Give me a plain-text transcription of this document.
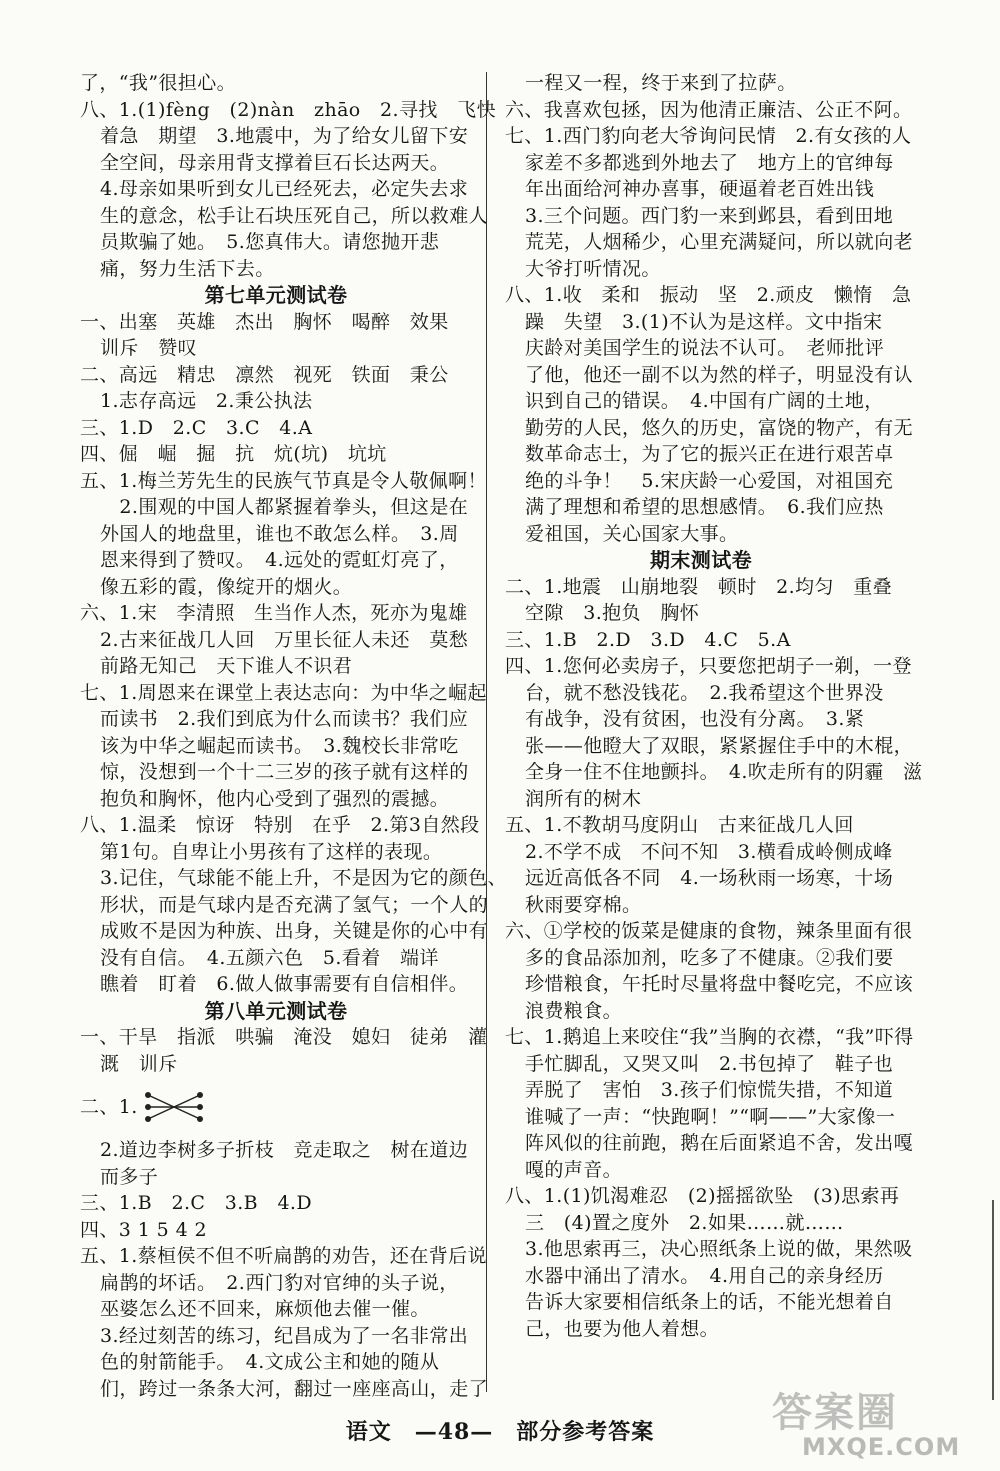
了，“我”很担心。
八、1.(1)fèng　(2)nàn　zhāo　2.寻找　飞快
着急　期望　3.地震中，为了给女儿留下安
全空间，母亲用背支撑着巨石长达两天。
4.母亲如果听到女儿已经死去，必定失去求
生的意念，松手让石块压死自己，所以救难人
员欺骗了她。　5.您真伟大。请您抛开悲
痛，努力生活下去。
第七单元测试卷
一、出塞　英雄　杰出　胸怀　喝醉　效果
训斥　赞叹
二、高远　精忠　凛然　视死　铁面　秉公
1.志存高远　2.秉公执法
三、1.D　2.C　3.C　4.A
四、倔　崛　掘　抗　炕(坑)　坑坑
五、1.梅兰芳先生的民族气节真是令人敬佩啊！
　2.围观的中国人都紧握着拳头，但这是在
外国人的地盘里，谁也不敢怎么样。　3.周
恩来得到了赞叹。　4.远处的霓虹灯亮了，
像五彩的霞，像绽开的烟火。
六、1.宋　李清照　生当作人杰，死亦为鬼雄
2.古来征战几人回　万里长征人未还　莫愁
前路无知己　天下谁人不识君
七、1.周恩来在课堂上表达志向：为中华之崛起
而读书　2.我们到底为什么而读书？我们应
该为中华之崛起而读书。　3.魏校长非常吃
惊，没想到一个十二三岁的孩子就有这样的
抱负和胸怀，他内心受到了强烈的震撼。
八、1.温柔　惊讶　特别　在乎　2.第3自然段
第1句。自卑让小男孩有了这样的表现。
3.记住，气球能不能上升，不是因为它的颜色、
形状，而是气球内是否充满了氢气；一个人的
成败不是因为种族、出身，关键是你的心中有
没有自信。　4.五颜六色　5.看着　端详
瞧着　盯着　6.做人做事需要有自信相伴。
第八单元测试卷
一、干旱　指派　哄骗　淹没　媳妇　徒弟　灌
溉　训斥
二、1.
2.道边李树多子折枝　竞走取之　树在道边
而多子
三、1.B　2.C　3.B　4.D
四、3 1 5 4 2
五、1.蔡桓侯不但不听扁鹊的劝告，还在背后说
扁鹊的坏话。　2.西门豹对官绅的头子说，
巫婆怎么还不回来，麻烦他去催一催。
3.经过刻苦的练习，纪昌成为了一名非常出
色的射箭能手。　4.文成公主和她的随从
们，跨过一条条大河，翻过一座座高山，走了
一程又一程，终于来到了拉萨。
六、我喜欢包拯，因为他清正廉洁、公正不阿。
七、1.西门豹向老大爷询问民情　2.有女孩的人
家差不多都逃到外地去了　地方上的官绅每
年出面给河神办喜事，硬逼着老百姓出钱
3.三个问题。西门豹一来到邺县，看到田地
荒芜，人烟稀少，心里充满疑问，所以就向老
大爷打听情况。
八、1.收　柔和　振动　坚　2.顽皮　懒惰　急
躁　失望　3.(1)不认为是这样。文中指宋
庆龄对美国学生的说法不认可。　老师批评
了他，他还一副不以为然的样子，明显没有认
识到自己的错误。　4.中国有广阔的土地，
勤劳的人民，悠久的历史，富饶的物产，有无
数革命志士，为了它的振兴正在进行艰苦卓
绝的斗争！　5.宋庆龄一心爱国，对祖国充
满了理想和希望的思想感情。　6.我们应热
爱祖国，关心国家大事。
期末测试卷
二、1.地震　山崩地裂　顿时　2.均匀　重叠
空隙　3.抱负　胸怀
三、1.B　2.D　3.D　4.C　5.A
四、1.您何必卖房子，只要您把胡子一剃，一登
台，就不愁没钱花。　2.我希望这个世界没
有战争，没有贫困，也没有分离。　3.紧
张——他瞪大了双眼，紧紧握住手中的木棍，
全身一住不住地颤抖。　4.吹走所有的阴霾　滋
润所有的树木
五、1.不教胡马度阴山　古来征战几人回
2.不学不成　不问不知　3.横看成岭侧成峰
远近高低各不同　4.一场秋雨一场寒，十场
秋雨要穿棉。
六、①学校的饭菜是健康的食物，辣条里面有很
多的食品添加剂，吃多了不健康。②我们要
珍惜粮食，午托时尽量将盘中餐吃完，不应该
浪费粮食。
七、1.鹅追上来咬住“我”当胸的衣襟，“我”吓得
手忙脚乱，又哭又叫　2.书包掉了　鞋子也
弄脱了　害怕　3.孩子们惊慌失措，不知道
谁喊了一声：“快跑啊！”“啊——”大家像一
阵风似的往前跑，鹅在后面紧追不舍，发出嘎
嘎的声音。
八、1.(1)饥渴难忍　(2)摇摇欲坠　(3)思索再
三　(4)置之度外　2.如果……就……
3.他思索再三，决心照纸条上说的做，果然吸
水器中涌出了清水。　4.用自己的亲身经历
告诉大家要相信纸条上的话，不能光想着自
己，也要为他人着想。
语文　—48—　部分参考答案	答案圈
MXQE.COM
